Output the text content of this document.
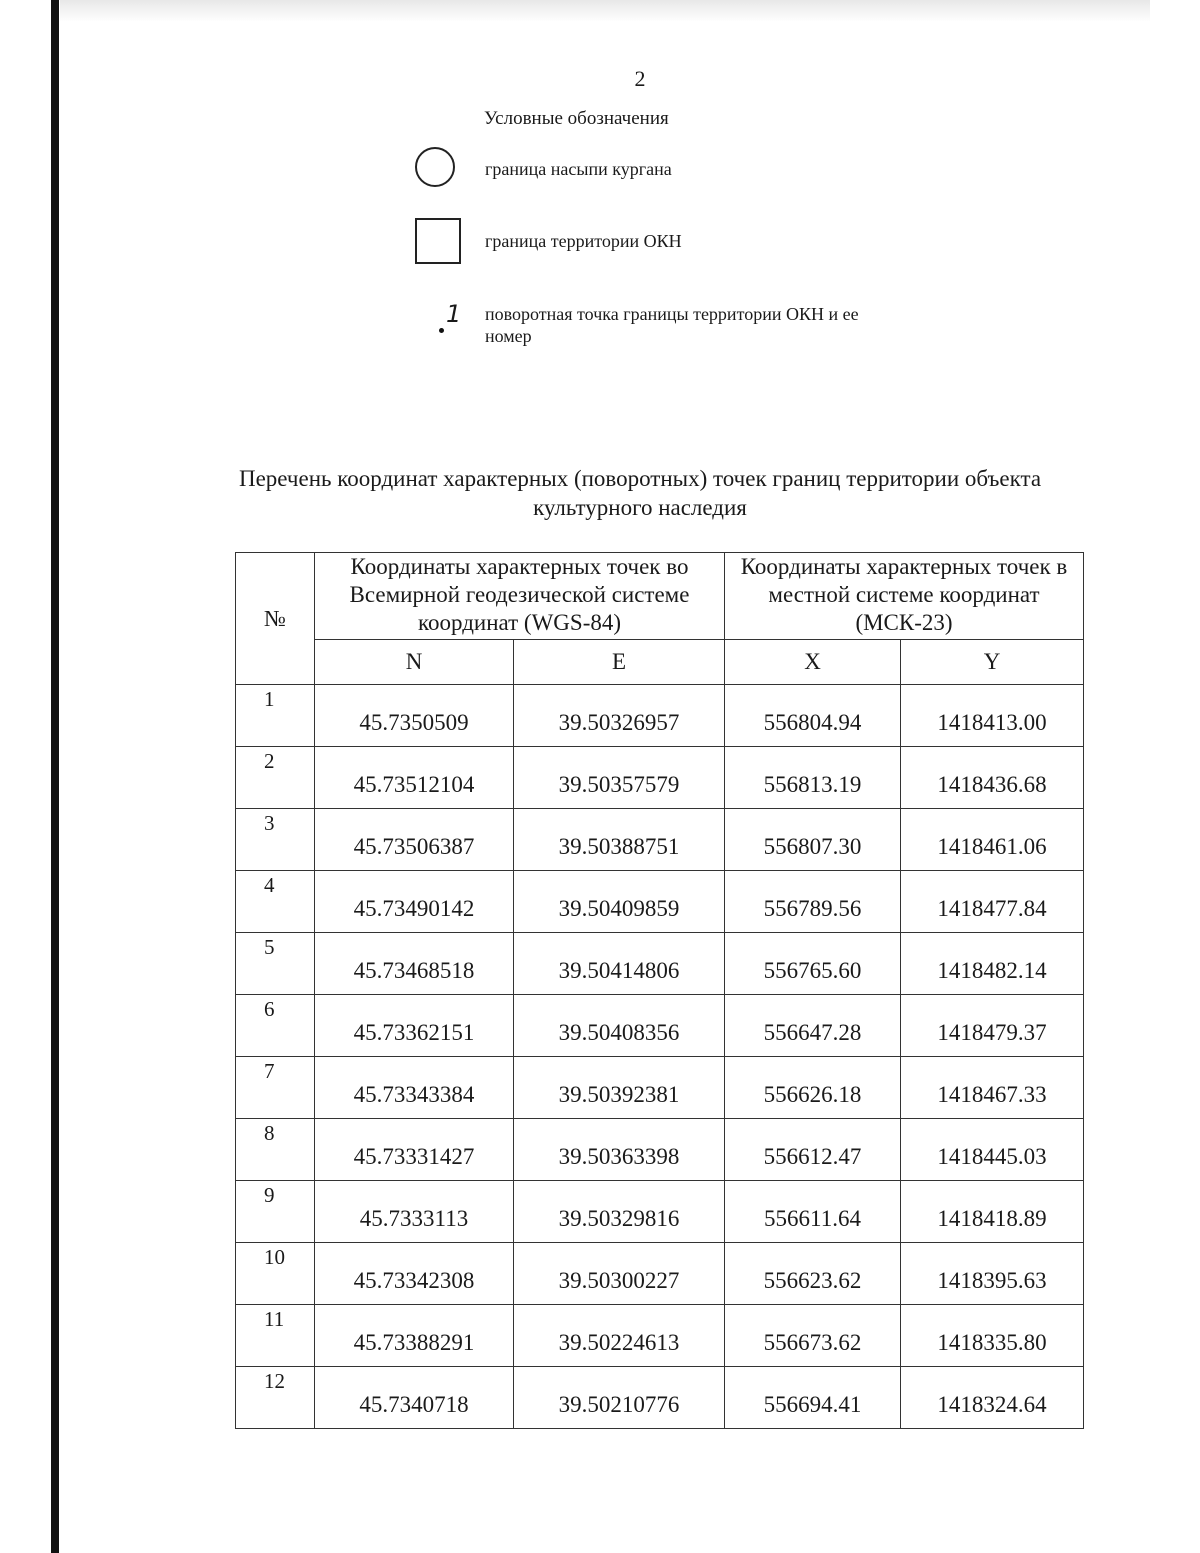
2
Условные обозначения
граница насыпи кургана
граница территории ОКН
1 поворотная точка границы территории ОКН и ее номер
Перечень координат характерных (поворотных) точек границ территории объекта культурного наследия
№	Координаты характерных точек во Всемирной геодезической системе координат (WGS-84)		Координаты характерных точек в местной системе координат (МСК-23)	
	N	E	X	Y
1	45.7350509	39.50326957	556804.94	1418413.00
2	45.73512104	39.50357579	556813.19	1418436.68
3	45.73506387	39.50388751	556807.30	1418461.06
4	45.73490142	39.50409859	556789.56	1418477.84
5	45.73468518	39.50414806	556765.60	1418482.14
6	45.73362151	39.50408356	556647.28	1418479.37
7	45.73343384	39.50392381	556626.18	1418467.33
8	45.73331427	39.50363398	556612.47	1418445.03
9	45.7333113	39.50329816	556611.64	1418418.89
10	45.73342308	39.50300227	556623.62	1418395.63
11	45.73388291	39.50224613	556673.62	1418335.80
12	45.7340718	39.50210776	556694.41	1418324.64
